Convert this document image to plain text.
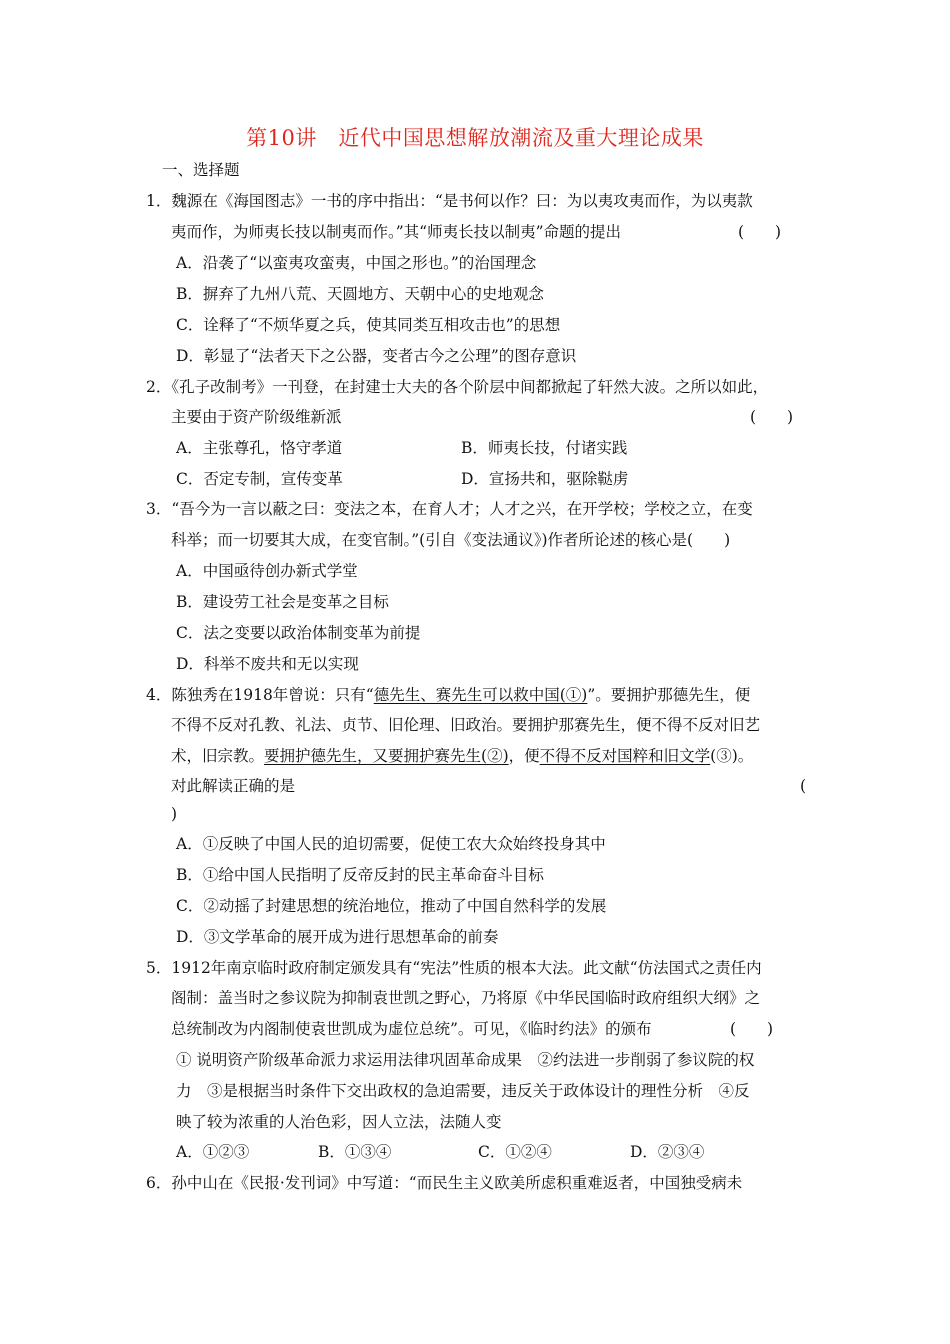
第10讲　近代中国思想解放潮流及重大理论成果
一、选择题
1．魏源在《海国图志》一书的序中指出：“是书何以作？曰：为以夷攻夷而作，为以夷款
夷而作，为师夷长技以制夷而作。”其“师夷长技以制夷”命题的提出	(　　)
A．沿袭了“以蛮夷攻蛮夷，中国之形也。”的治国理念
B．摒弃了九州八荒、天圆地方、天朝中心的史地观念
C．诠释了“不烦华夏之兵，使其同类互相攻击也”的思想
D．彰显了“法者天下之公器，变者古今之公理”的图存意识
2．《孔子改制考》一刊登，在封建士大夫的各个阶层中间都掀起了轩然大波。之所以如此，
主要由于资产阶级维新派	(　　)
A．主张尊孔，恪守孝道	B．师夷长技，付诸实践
C．否定专制，宣传变革	D．宣扬共和，驱除鞑虏
3．“吾今为一言以蔽之曰：变法之本，在育人才；人才之兴，在开学校；学校之立，在变
科举；而一切要其大成，在变官制。”(引自《变法通议》)作者所论述的核心是(　　)
A．中国亟待创办新式学堂
B．建设劳工社会是变革之目标
C．法之变要以政治体制变革为前提
D．科举不废共和无以实现
4．陈独秀在1918年曾说：只有“德先生、赛先生可以救中国(①)”。要拥护那德先生，便
不得不反对孔教、礼法、贞节、旧伦理、旧政治。要拥护那赛先生，便不得不反对旧艺
术，旧宗教。要拥护德先生，又要拥护赛先生(②)，便不得不反对国粹和旧文学(③)。
对此解读正确的是	(
)
A．①反映了中国人民的迫切需要，促使工农大众始终投身其中
B．①给中国人民指明了反帝反封的民主革命奋斗目标
C．②动摇了封建思想的统治地位，推动了中国自然科学的发展
D．③文学革命的展开成为进行思想革命的前奏
5．1912年南京临时政府制定颁发具有“宪法”性质的根本大法。此文献“仿法国式之责任内
阁制：盖当时之参议院为抑制袁世凯之野心，乃将原《中华民国临时政府组织大纲》之
总统制改为内阁制使袁世凯成为虚位总统”。可见，《临时约法》的颁布	(　　)
① 说明资产阶级革命派力求运用法律巩固革命成果　②约法进一步削弱了参议院的权
力　③是根据当时条件下交出政权的急迫需要，违反关于政体设计的理性分析　④反
映了较为浓重的人治色彩，因人立法，法随人变
A．①②③	B．①③④	C．①②④	D．②③④
6．孙中山在《民报·发刊词》中写道：“而民生主义欧美所虑积重难返者，中国独受病未
